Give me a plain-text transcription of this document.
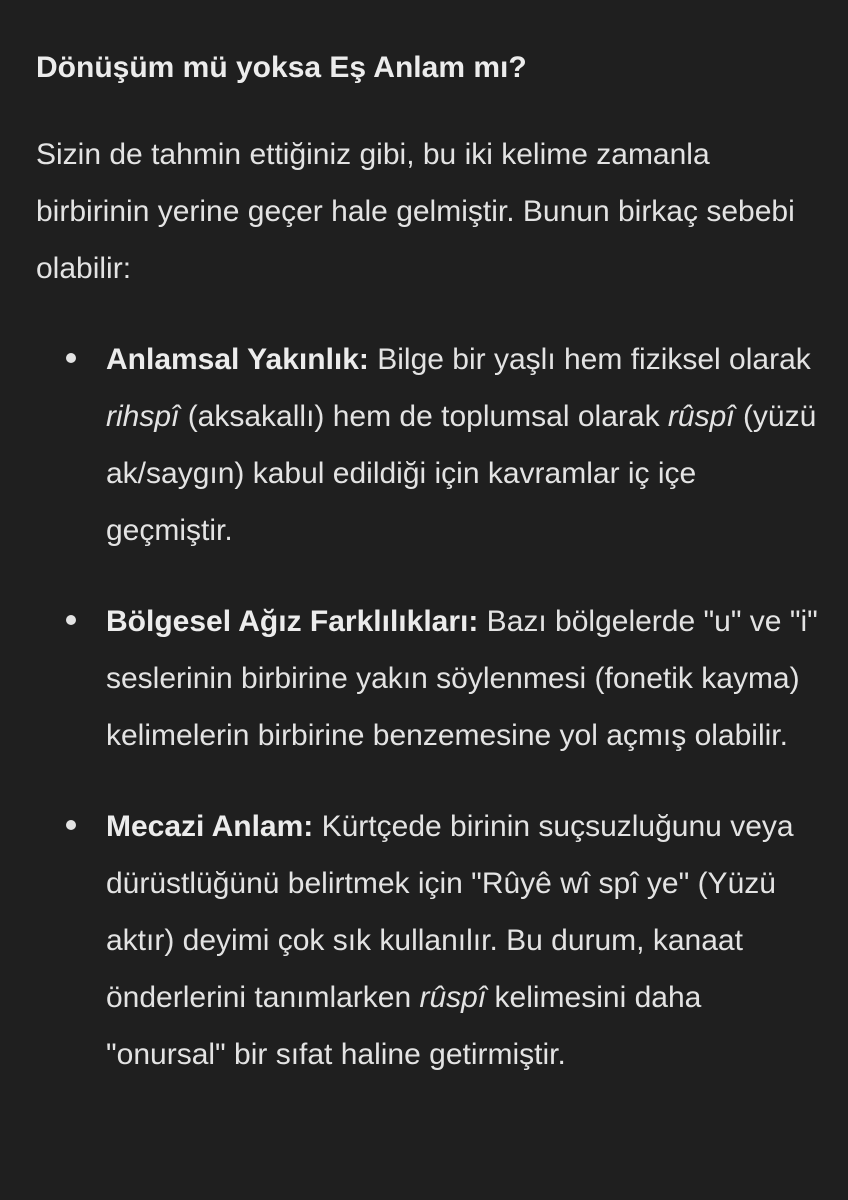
Dönüşüm mü yoksa Eş Anlam mı?
Sizin de tahmin ettiğiniz gibi, bu iki kelime zamanla birbirinin yerine geçer hale gelmiştir. Bunun birkaç sebebi olabilir:
Anlamsal Yakınlık: Bilge bir yaşlı hem fiziksel olarak rihspî (aksakallı) hem de toplumsal olarak rûspî (yüzü ak/saygın) kabul edildiği için kavramlar iç içe geçmiştir.
Bölgesel Ağız Farklılıkları: Bazı bölgelerde "u" ve "i" seslerinin birbirine yakın söylenmesi (fonetik kayma) kelimelerin birbirine benzemesine yol açmış olabilir.
Mecazi Anlam: Kürtçede birinin suçsuzluğunu veya dürüstlüğünü belirtmek için "Rûyê wî spî ye" (Yüzü aktır) deyimi çok sık kullanılır. Bu durum, kanaat önderlerini tanımlarken rûspî kelimesini daha "onursal" bir sıfat haline getirmiştir.
